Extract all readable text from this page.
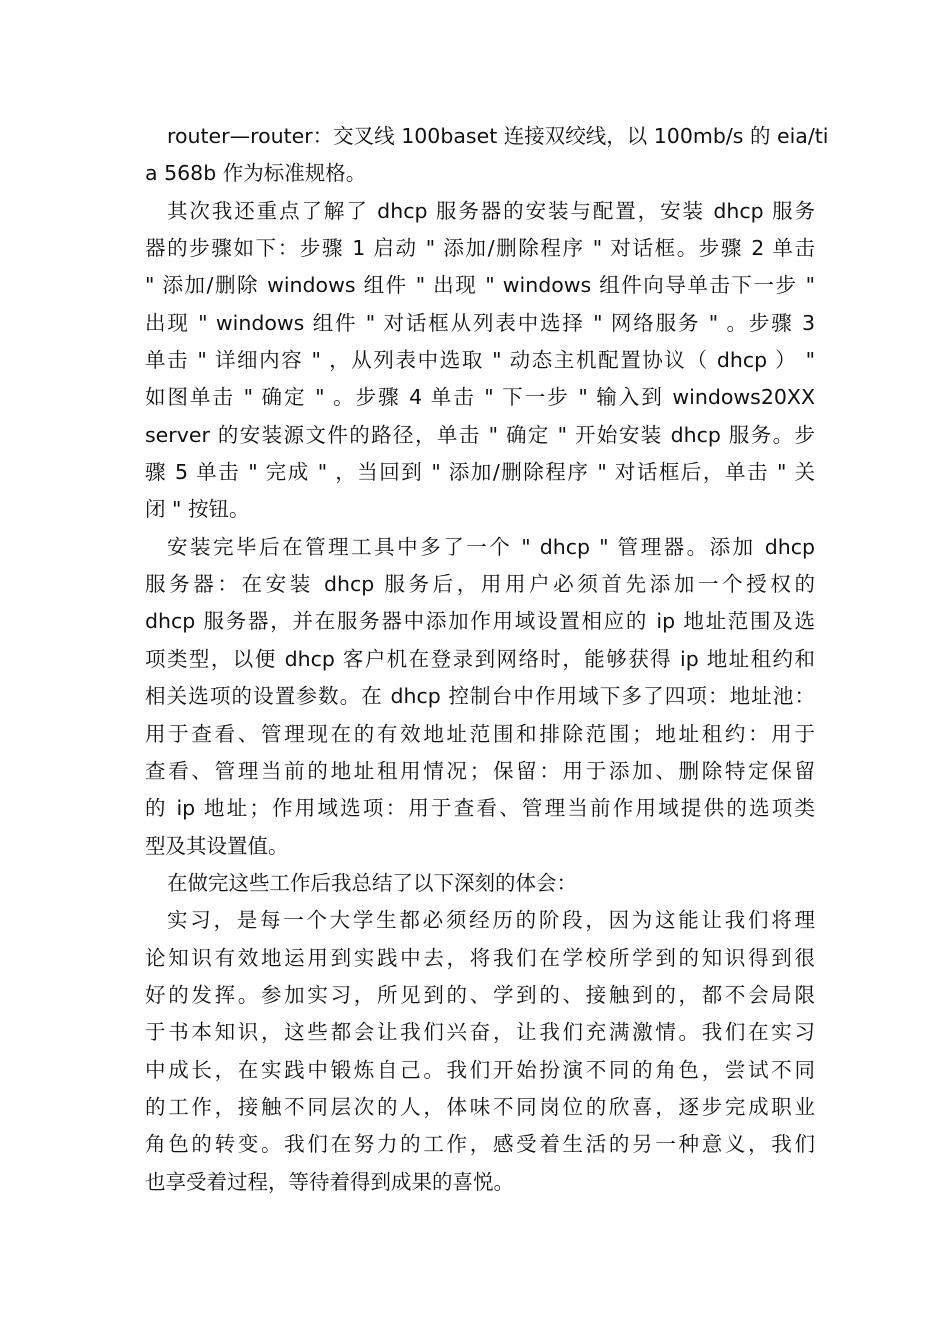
router—router：交叉线 100baset 连接双绞线，以 100mb/s 的 eia/ti
a 568b 作为标准规格。
其次我还重点了解了 dhcp 服务器的安装与配置，安装 dhcp 服务
器的步骤如下：步骤 1 启动 " 添加/删除程序 " 对话框。步骤 2 单击
" 添加/删除 windows 组件 " 出现 " windows 组件向导单击下一步 "
出现 " windows 组件 " 对话框从列表中选择 " 网络服务 " 。步骤 3
单击 " 详细内容 " ，从列表中选取 " 动态主机配置协议（ dhcp ） "
如图单击 " 确定 " 。步骤 4 单击 " 下一步 " 输入到 windows20XX
server 的安装源文件的路径，单击 " 确定 " 开始安装 dhcp 服务。步
骤 5 单击 " 完成 " ，当回到 " 添加/删除程序 " 对话框后，单击 " 关
闭 " 按钮。
安装完毕后在管理工具中多了一个 " dhcp " 管理器。添加 dhcp
服务器：在安装 dhcp 服务后，用用户必须首先添加一个授权的
dhcp 服务器，并在服务器中添加作用域设置相应的 ip 地址范围及选
项类型，以便 dhcp 客户机在登录到网络时，能够获得 ip 地址租约和
相关选项的设置参数。在 dhcp 控制台中作用域下多了四项：地址池：
用于查看、管理现在的有效地址范围和排除范围；地址租约：用于
查看、管理当前的地址租用情况；保留：用于添加、删除特定保留
的 ip 地址；作用域选项：用于查看、管理当前作用域提供的选项类
型及其设置值。
在做完这些工作后我总结了以下深刻的体会：
实习，是每一个大学生都必须经历的阶段，因为这能让我们将理
论知识有效地运用到实践中去，将我们在学校所学到的知识得到很
好的发挥。参加实习，所见到的、学到的、接触到的，都不会局限
于书本知识，这些都会让我们兴奋，让我们充满激情。我们在实习
中成长，在实践中锻炼自己。我们开始扮演不同的角色，尝试不同
的工作，接触不同层次的人，体味不同岗位的欣喜，逐步完成职业
角色的转变。我们在努力的工作，感受着生活的另一种意义，我们
也享受着过程，等待着得到成果的喜悦。
